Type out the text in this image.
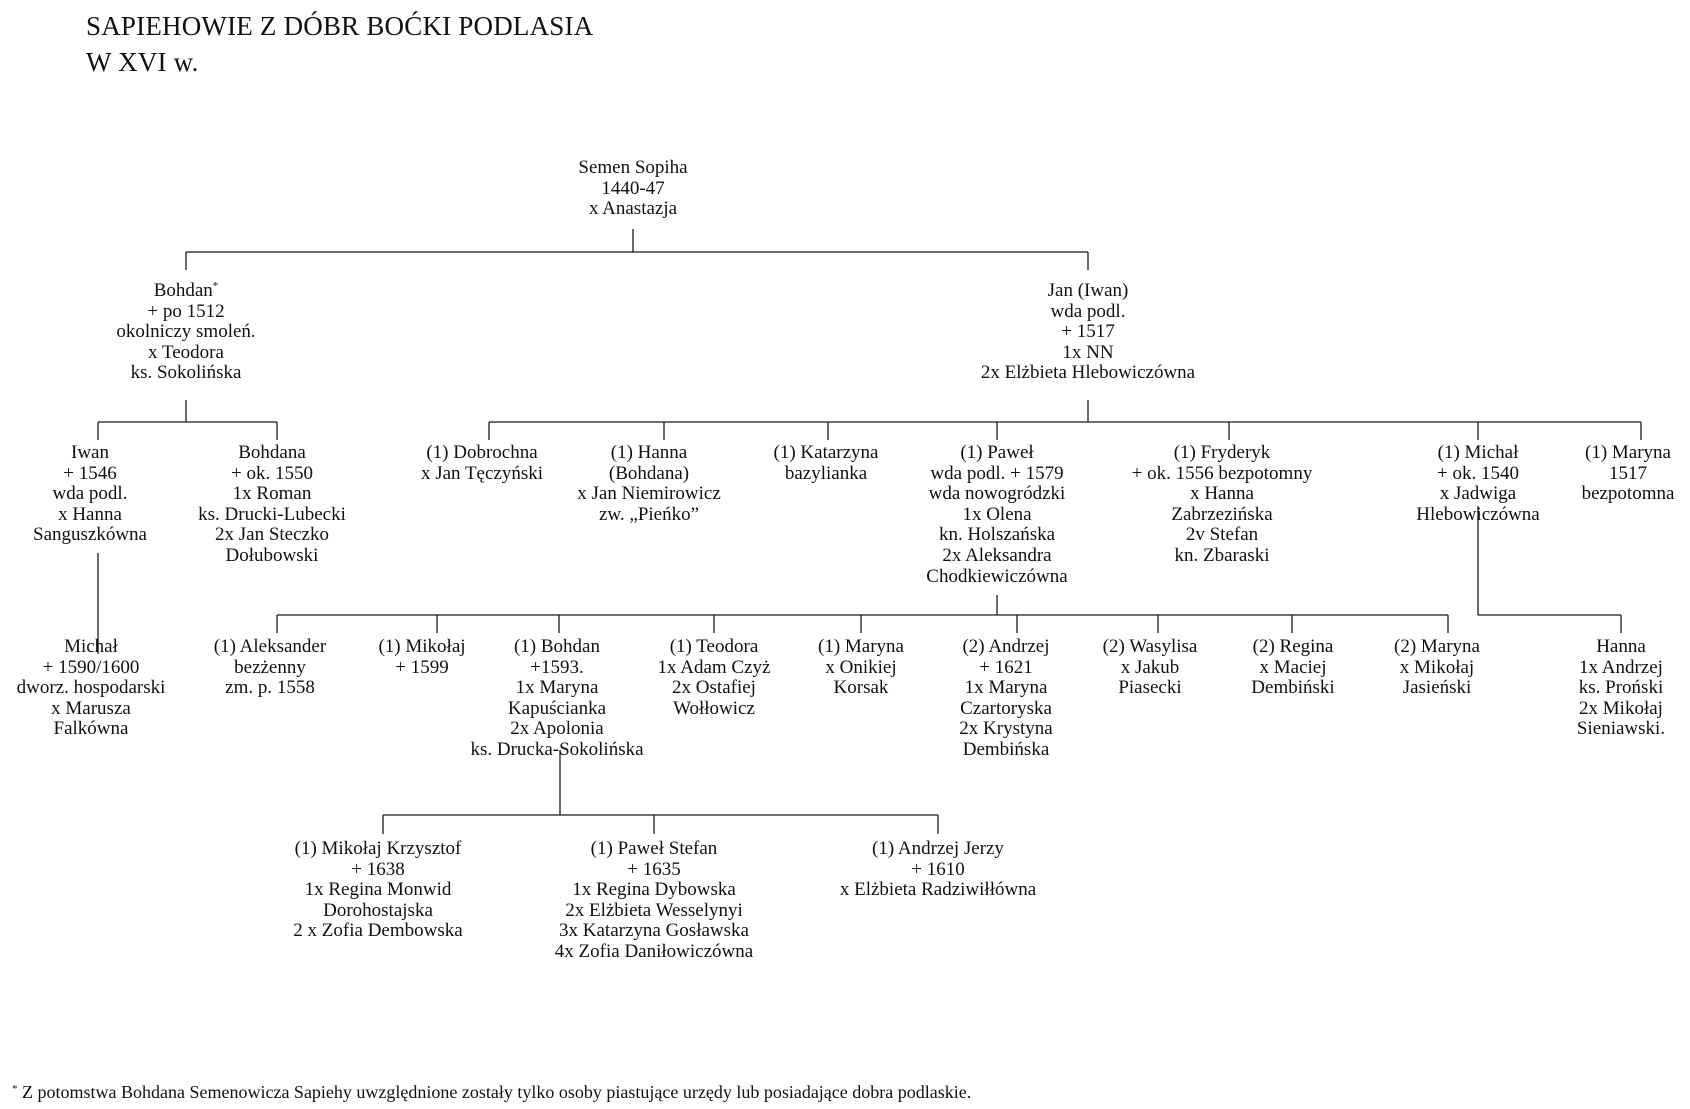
SAPIEHOWIE Z DÓBR BOĆKI PODLASIA
W XVI w.
Semen Sopiha
1440-47
x Anastazja
Bohdan*
+ po 1512
okolniczy smoleń.
x Teodora
ks. Sokolińska
Jan (Iwan)
wda podl.
+ 1517
1x NN
2x Elżbieta Hlebowiczówna
Iwan
+ 1546
wda podl.
x Hanna
Sanguszkówna
Bohdana
+ ok. 1550
1x Roman
ks. Drucki-Lubecki
2x Jan Steczko
Dołubowski
(1) Dobrochna
x Jan Tęczyński
(1) Hanna
(Bohdana)
x Jan Niemirowicz
zw. „Pieńko”
(1) Katarzyna
bazylianka
(1) Paweł
wda podl. + 1579
wda nowogródzki
1x Olena
kn. Holszańska
2x Aleksandra
Chodkiewiczówna
(1) Fryderyk
+ ok. 1556 bezpotomny
x Hanna
Zabrzezińska
2v Stefan
kn. Zbaraski
(1) Michał
+ ok. 1540
x Jadwiga
Hlebowiczówna
(1) Maryna
1517
bezpotomna
Michał
+ 1590/1600
dworz. hospodarski
x Marusza
Falkówna
(1) Aleksander
bezżenny
zm. p. 1558
(1) Mikołaj
+ 1599
(1) Bohdan
+1593.
1x Maryna
Kapuścianka
2x Apolonia
ks. Drucka-Sokolińska
(1) Teodora
1x Adam Czyż
2x Ostafiej
Wołłowicz
(1) Maryna
x Onikiej
Korsak
(2) Andrzej
+ 1621
1x Maryna
Czartoryska
2x Krystyna
Dembińska
(2) Wasylisa
x Jakub
Piasecki
(2) Regina
x Maciej
Dembiński
(2) Maryna
x Mikołaj
Jasieński
Hanna
1x Andrzej
ks. Proński
2x Mikołaj
Sieniawski.
(1) Mikołaj Krzysztof
+ 1638
1x Regina Monwid
Dorohostajska
2 x Zofia Dembowska
(1) Paweł Stefan
+ 1635
1x Regina Dybowska
2x Elżbieta Wesselynyi
3x Katarzyna Gosławska
4x Zofia Daniłowiczówna
(1) Andrzej Jerzy
+ 1610
x Elżbieta Radziwiłłówna
* Z potomstwa Bohdana Semenowicza Sapiehy uwzględnione zostały tylko osoby piastujące urzędy lub posiadające dobra podlaskie.
